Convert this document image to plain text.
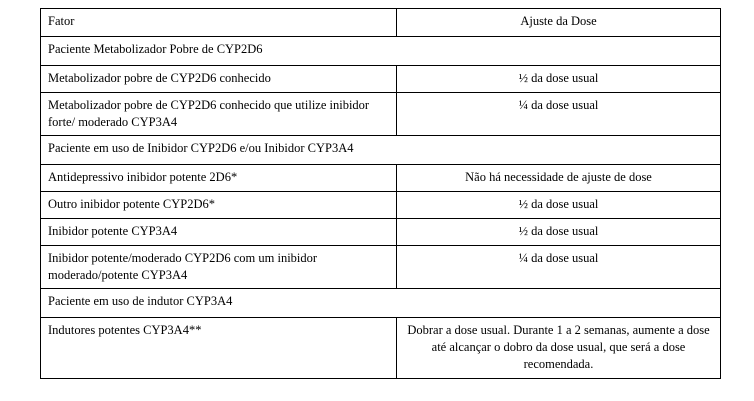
Fator	Ajuste da Dose
Paciente Metabolizador Pobre de CYP2D6	
Metabolizador pobre de CYP2D6 conhecido	½ da dose usual
Metabolizador pobre de CYP2D6 conhecido que utilize inibidor forte/ moderado CYP3A4	¼ da dose usual
Paciente em uso de Inibidor CYP2D6 e/ou Inibidor CYP3A4	
Antidepressivo inibidor potente 2D6*	Não há necessidade de ajuste de dose
Outro inibidor potente CYP2D6*	½ da dose usual
Inibidor potente CYP3A4	½ da dose usual
Inibidor potente/moderado CYP2D6 com um inibidor moderado/potente CYP3A4	¼ da dose usual
Paciente em uso de indutor CYP3A4	
Indutores potentes CYP3A4**	Dobrar a dose usual. Durante 1 a 2 semanas, aumente a dose até alcançar o dobro da dose usual, que será a dose recomendada.
